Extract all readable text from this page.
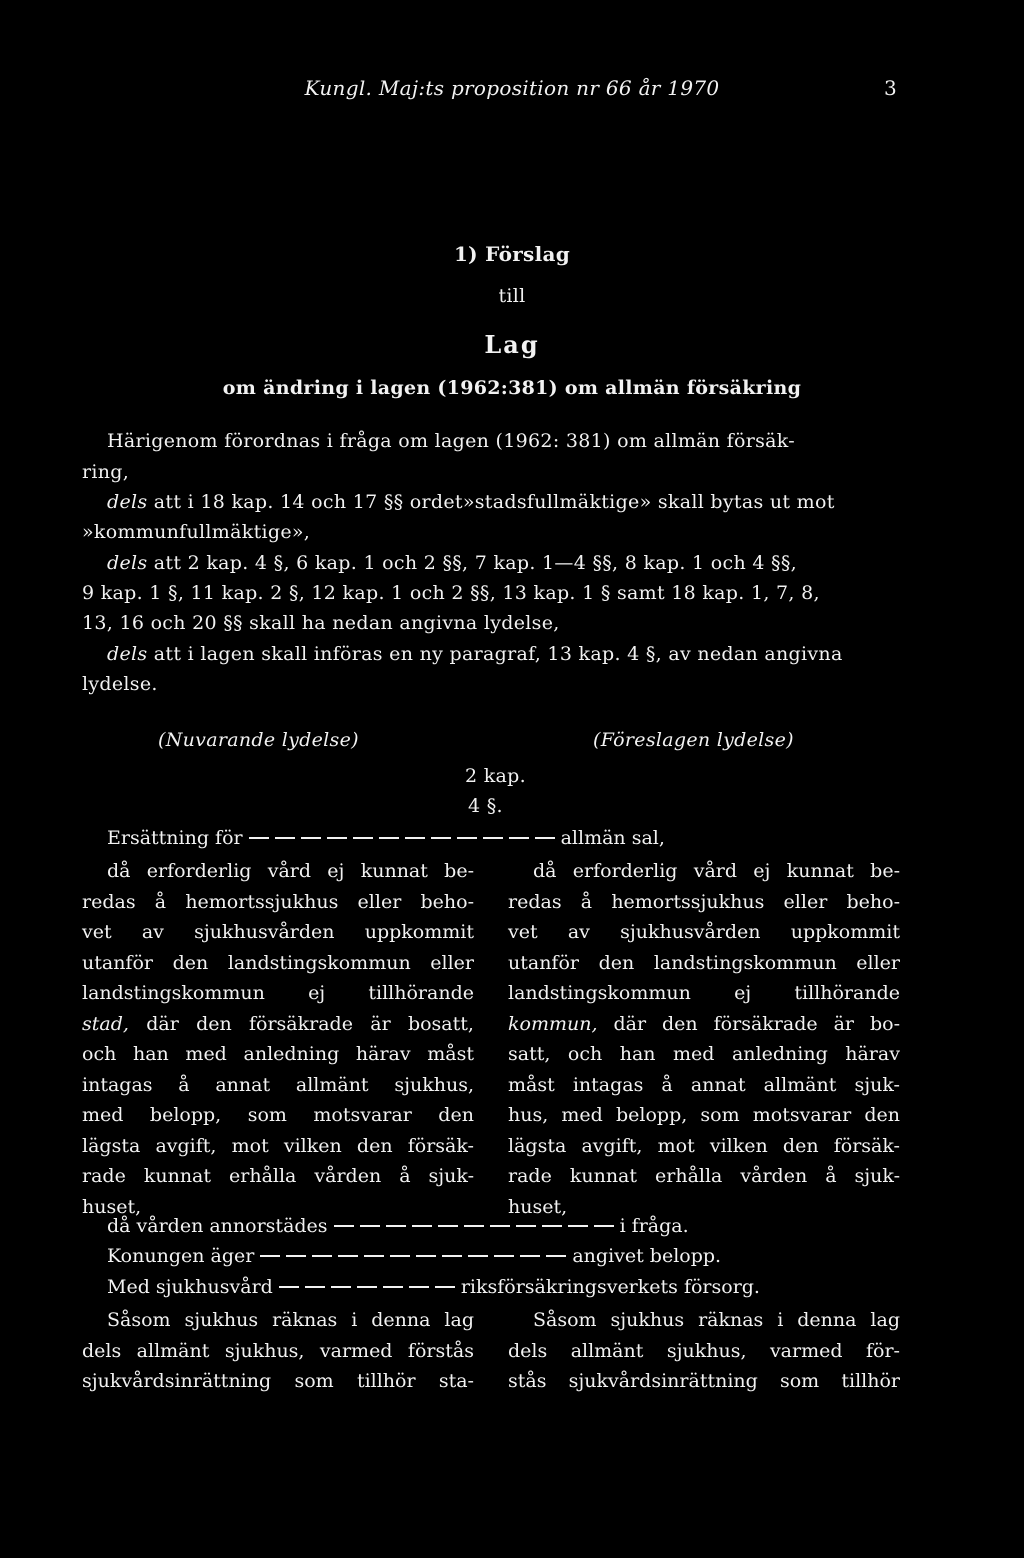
Kungl. Maj:ts proposition nr 66 år 1970	3
1) Förslag
till
Lag
om ändring i lagen (1962:381) om allmän försäkring
Härigenom förordnas i fråga om lagen (1962: 381) om allmän försäk-
ring,
dels att i 18 kap. 14 och 17 §§ ordet»stadsfullmäktige» skall bytas ut mot
»kommunfullmäktige»,
dels att 2 kap. 4 §, 6 kap. 1 och 2 §§, 7 kap. 1—4 §§, 8 kap. 1 och 4 §§,
9 kap. 1 §, 11 kap. 2 §, 12 kap. 1 och 2 §§, 13 kap. 1 § samt 18 kap. 1, 7, 8,
13, 16 och 20 §§ skall ha nedan angivna lydelse,
dels att i lagen skall införas en ny paragraf, 13 kap. 4 §, av nedan angivna
lydelse.
(Nuvarande lydelse)	(Föreslagen lydelse)
2 kap.
4 §.
Ersättning för	allmän sal,
då erforderlig vård ej kunnat be-
redas å hemortssjukhus eller beho-
vet av sjukhusvården uppkommit
utanför den landstingskommun eller
landstingskommun ej tillhörande
stad, där den försäkrade är bosatt,
och han med anledning härav måst
intagas å annat allmänt sjukhus,
med belopp, som motsvarar den
lägsta avgift, mot vilken den försäk-
rade kunnat erhålla vården å sjuk-
huset,
då erforderlig vård ej kunnat be-
redas å hemortssjukhus eller beho-
vet av sjukhusvården uppkommit
utanför den landstingskommun eller
landstingskommun ej tillhörande
kommun, där den försäkrade är bo-
satt, och han med anledning härav
måst intagas å annat allmänt sjuk-
hus, med belopp, som motsvarar den
lägsta avgift, mot vilken den försäk-
rade kunnat erhålla vården å sjuk-
huset,
då vården annorstädes	i fråga.
Konungen äger	angivet belopp.
Med sjukhusvård	riksförsäkringsverkets försorg.
Såsom sjukhus räknas i denna lag
dels allmänt sjukhus, varmed förstås
sjukvårdsinrättning som tillhör sta-
Såsom sjukhus räknas i denna lag
dels allmänt sjukhus, varmed för-
stås sjukvårdsinrättning som tillhör
